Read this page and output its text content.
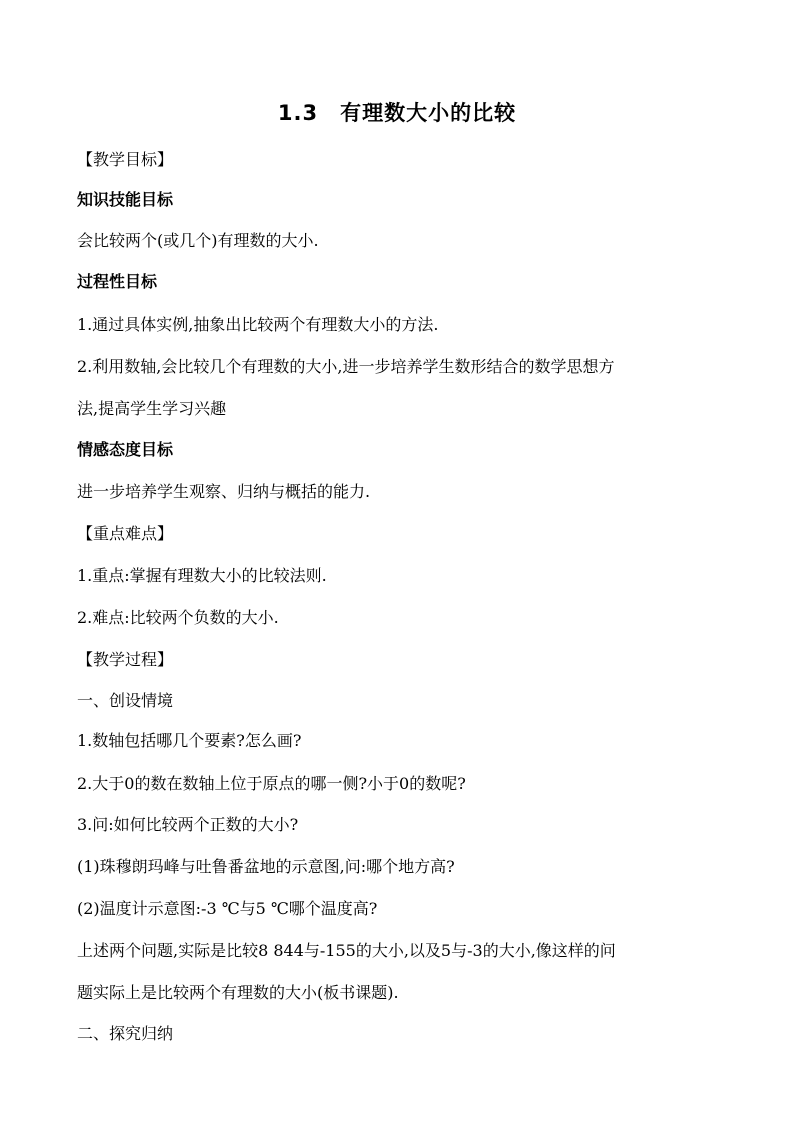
1.3　有理数大小的比较
【教学目标】
知识技能目标
会比较两个(或几个)有理数的大小.
过程性目标
1.通过具体实例,抽象出比较两个有理数大小的方法.
2.利用数轴,会比较几个有理数的大小,进一步培养学生数形结合的数学思想方
法,提高学生学习兴趣
情感态度目标
进一步培养学生观察、归纳与概括的能力.
【重点难点】
1.重点:掌握有理数大小的比较法则.
2.难点:比较两个负数的大小.
【教学过程】
一、创设情境
1.数轴包括哪几个要素?怎么画?
2.大于0的数在数轴上位于原点的哪一侧?小于0的数呢?
3.问:如何比较两个正数的大小?
(1)珠穆朗玛峰与吐鲁番盆地的示意图,问:哪个地方高?
(2)温度计示意图:-3 ℃与5 ℃哪个温度高?
上述两个问题,实际是比较8 844与-155的大小,以及5与-3的大小,像这样的问
题实际上是比较两个有理数的大小(板书课题).
二、探究归纳
